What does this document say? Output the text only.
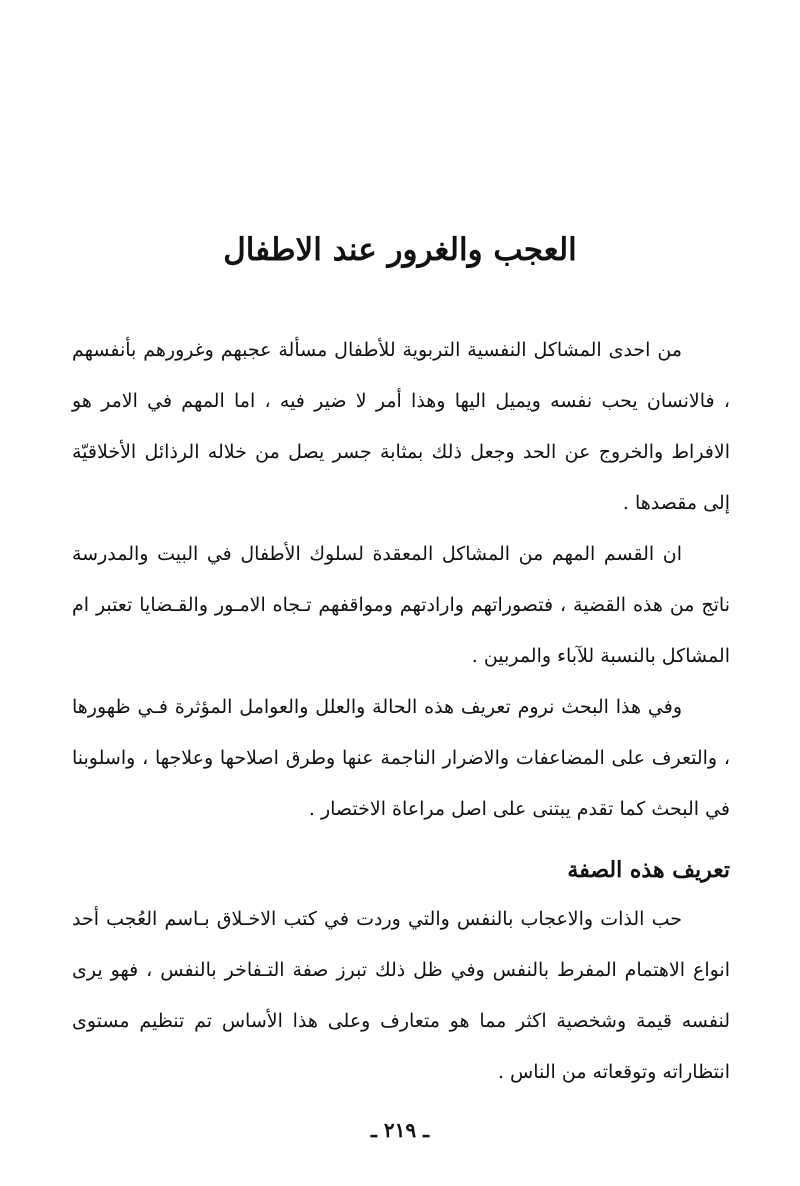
العجب والغرور عند الاطفال

من احدى المشاكل النفسية التربوية للأطفال مسألة عجبهم وغرورهم بأنفسهم ، فالانسان يحب نفسه ويميل اليها وهذا أمر لا ضير فيه ، اما المهم في الامر هو الافراط والخروج عن الحد وجعل ذلك بمثابة جسر يصل من خلاله الرذائل الأخلاقيّة إلى مقصدها .

ان القسم المهم من المشاكل المعقدة لسلوك الأطفال في البيت والمدرسة ناتج من هذه القضية ، فتصوراتهم وارادتهم ومواقفهم تـجاه الامـور والقـضايا تعتبر ام المشاكل بالنسبة للآباء والمربين .

وفي هذا البحث نروم تعريف هذه الحالة والعلل والعوامل المؤثرة فـي ظهورها ، والتعرف على المضاعفات والاضرار الناجمة عنها وطرق اصلاحها وعلاجها ، واسلوبنا في البحث كما تقدم يبتنى على اصل مراعاة الاختصار .

تعريف هذه الصفة

حب الذات والاعجاب بالنفس والتي وردت في كتب الاخـلاق بـاسم العُجب أحد انواع الاهتمام المفرط بالنفس وفي ظل ذلك تبرز صفة التـفاخر بالنفس ، فهو يرى لنفسه قيمة وشخصية اكثر مما هو متعارف وعلى هذا الأساس تم تنظيم مستوى انتظاراته وتوقعاته من الناس .

ـ ٢١٩ ـ
